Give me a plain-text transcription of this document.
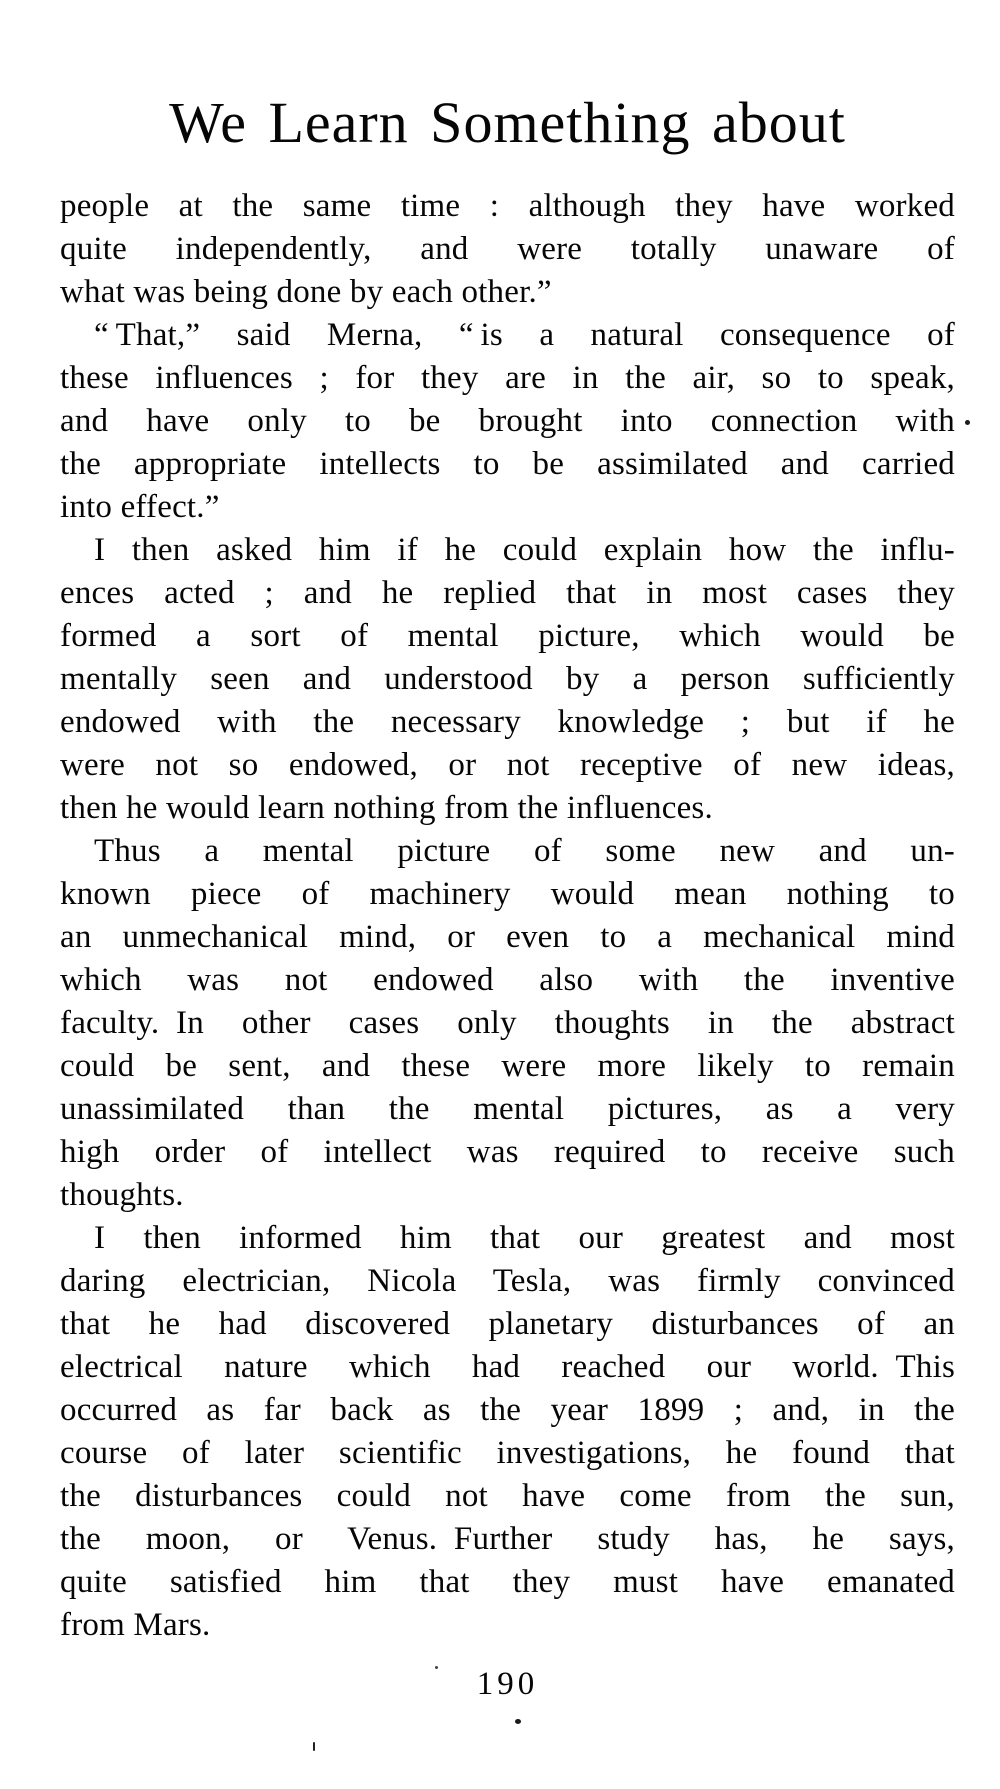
We Learn Something about
people at the same time : although they have worked
quite independently, and were totally unaware of
what was being done by each other.”
“ That,” said Merna, “ is a natural consequence of
these influences ; for they are in the air, so to speak,
and have only to be brought into connection with
the appropriate intellects to be assimilated and carried
into effect.”
I then asked him if he could explain how the influ-
ences acted ; and he replied that in most cases they
formed a sort of mental picture, which would be
mentally seen and understood by a person sufficiently
endowed with the necessary knowledge ; but if he
were not so endowed, or not receptive of new ideas,
then he would learn nothing from the influences.
Thus a mental picture of some new and un-
known piece of machinery would mean nothing to
an unmechanical mind, or even to a mechanical mind
which was not endowed also with the inventive
faculty. In other cases only thoughts in the abstract
could be sent, and these were more likely to remain
unassimilated than the mental pictures, as a very
high order of intellect was required to receive such
thoughts.
I then informed him that our greatest and most
daring electrician, Nicola Tesla, was firmly convinced
that he had discovered planetary disturbances of an
electrical nature which had reached our world. This
occurred as far back as the year 1899 ; and, in the
course of later scientific investigations, he found that
the disturbances could not have come from the sun,
the moon, or Venus. Further study has, he says,
quite satisfied him that they must have emanated
from Mars.
190
